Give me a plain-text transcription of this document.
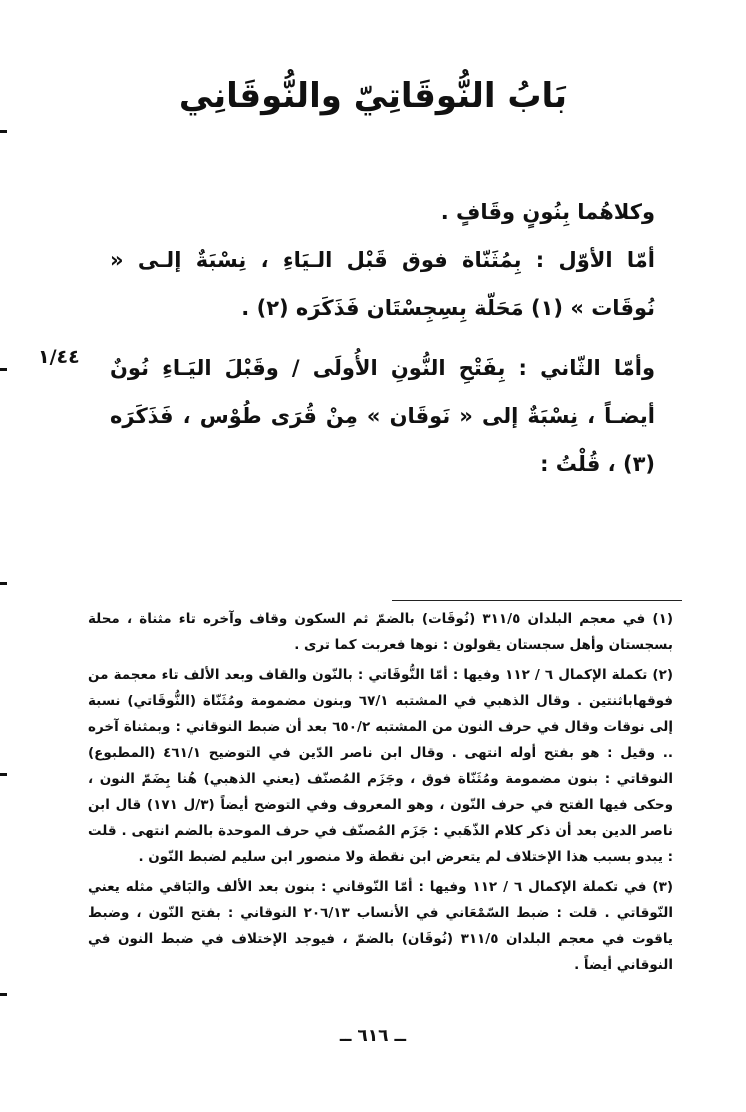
بَابُ النُّوقَاتِيّ والنُّوقَانِي
وكلاهُما بِنُونٍ وقَافٍ .
أمّا الأوّل : بِمُثَنّاة فوق قَبْل الـيَاءِ ، نِسْبَةٌ إلـى « نُوقَات » (١) مَحَلّة بِسِجِسْتَان فَذَكَرَه (٢) .
وأمّا الثّاني : بِفَتْحِ النُّونِ الأُولَى / وقَبْلَ اليَـاءِ نُونٌ أيضـاً ، نِسْبَةٌ إلى « نَوقَان » مِنْ قُرَى طُوْس ، فَذَكَرَه (٣) ، قُلْتُ :
١/٤٤

(١) في معجم البلدان ٣١١/٥ (نُوقَات) بالضمّ ثم السكون وقاف وآخره تاء مثناة ، محلة بسجستان وأهل سجستان يقولون : نوها فعربت كما ترى .

(٢) تكملة الإكمال ٦ / ١١٢ وفيها : أمّا النُّوقَاتي : بالنّون والقاف وبعد الألف تاء معجمة من فوقهاباثنتين . وقال الذهبي في المشتبه ٦٧/١ وبنون مضمومة ومُثَنّاة (النُّوقَاتي) نسبة إلى نوقات وقال في حرف النون من المشتبه ٦٥٠/٢ بعد أن ضبط النوقاني : وبمثناة آخره .. وقيل : هو بفتح أوله انتهى . وقال ابن ناصر الدّين في التوضيح ٤٦١/١ (المطبوع) النوقاتي : بنون مضمومة ومُثَنّاة فوق ، وجَزَم المُصنّف (يعني الذهبي) هُنا بِضَمّ النون ، وحكى فيها الفتح في حرف النّون ، وهو المعروف وفي التوضح أيضاً (٣/ل ١٧١) قال ابن ناصر الدين بعد أن ذكر كلام الذّهَبي : جَزَم المُصنّف في حرف الموحدة بالضم انتهى . قلت : يبدو بسبب هذا الإختلاف لم يتعرض ابن نقطة ولا منصور ابن سليم لضبط النّون .

(٣) في تكملة الإكمال ٦ / ١١٢ وفيها : أمّا النّوقاني : بنون بعد الألف والبَاقي مثله يعني النّوقاتي . قلت : ضبط السّمْعَاني في الأنساب ٢٠٦/١٣ النوقاني : بفتح النّون ، وضبط ياقوت في معجم البلدان ٣١١/٥ (نُوقَان) بالضمّ ، فيوجد الإختلاف في ضبط النون في النوقاني أيضاً .

ــ ٦١٦ ــ
